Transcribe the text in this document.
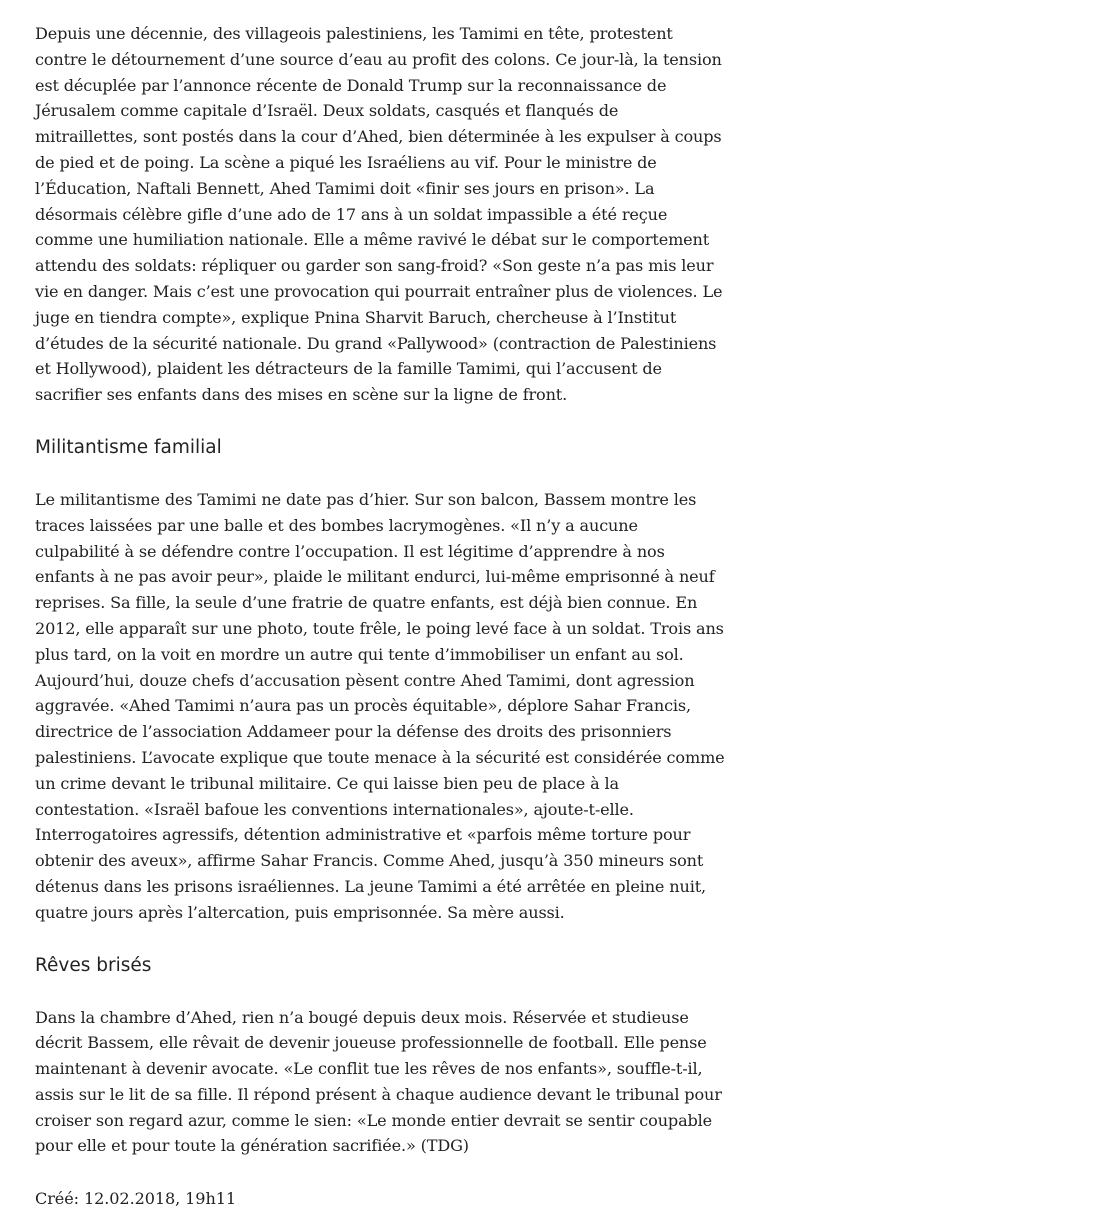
Depuis une décennie, des villageois palestiniens, les Tamimi en tête, protestent contre le détournement d’une source d’eau au profit des colons. Ce jour-là, la tension est décuplée par l’annonce récente de Donald Trump sur la reconnaissance de Jérusalem comme capitale d’Israël. Deux soldats, casqués et flanqués de mitraillettes, sont postés dans la cour d’Ahed, bien déterminée à les expulser à coups de pied et de poing. La scène a piqué les Israéliens au vif. Pour le ministre de l’Éducation, Naftali Bennett, Ahed Tamimi doit «finir ses jours en prison». La désormais célèbre gifle d’une ado de 17 ans à un soldat impassible a été reçue comme une humiliation nationale. Elle a même ravivé le débat sur le comportement attendu des soldats: répliquer ou garder son sang-froid? «Son geste n’a pas mis leur vie en danger. Mais c’est une provocation qui pourrait entraîner plus de violences. Le juge en tiendra compte», explique Pnina Sharvit Baruch, chercheuse à l’Institut d’études de la sécurité nationale. Du grand «Pallywood» (contraction de Palestiniens et Hollywood), plaident les détracteurs de la famille Tamimi, qui l’accusent de sacrifier ses enfants dans des mises en scène sur la ligne de front.

Militantisme familial

Le militantisme des Tamimi ne date pas d’hier. Sur son balcon, Bassem montre les traces laissées par une balle et des bombes lacrymogènes. «Il n’y a aucune culpabilité à se défendre contre l’occupation. Il est légitime d’apprendre à nos enfants à ne pas avoir peur», plaide le militant endurci, lui-même emprisonné à neuf reprises. Sa fille, la seule d’une fratrie de quatre enfants, est déjà bien connue. En 2012, elle apparaît sur une photo, toute frêle, le poing levé face à un soldat. Trois ans plus tard, on la voit en mordre un autre qui tente d’immobiliser un enfant au sol. Aujourd’hui, douze chefs d’accusation pèsent contre Ahed Tamimi, dont agression aggravée. «Ahed Tamimi n’aura pas un procès équitable», déplore Sahar Francis, directrice de l’association Addameer pour la défense des droits des prisonniers palestiniens. L’avocate explique que toute menace à la sécurité est considérée comme un crime devant le tribunal militaire. Ce qui laisse bien peu de place à la contestation. «Israël bafoue les conventions internationales», ajoute-t-elle. Interrogatoires agressifs, détention administrative et «parfois même torture pour obtenir des aveux», affirme Sahar Francis. Comme Ahed, jusqu’à 350 mineurs sont détenus dans les prisons israéliennes. La jeune Tamimi a été arrêtée en pleine nuit, quatre jours après l’altercation, puis emprisonnée. Sa mère aussi.

Rêves brisés

Dans la chambre d’Ahed, rien n’a bougé depuis deux mois. Réservée et studieuse décrit Bassem, elle rêvait de devenir joueuse professionnelle de football. Elle pense maintenant à devenir avocate. «Le conflit tue les rêves de nos enfants», souffle-t-il, assis sur le lit de sa fille. Il répond présent à chaque audience devant le tribunal pour croiser son regard azur, comme le sien: «Le monde entier devrait se sentir coupable pour elle et pour toute la génération sacrifiée.» (TDG)

Créé: 12.02.2018, 19h11
